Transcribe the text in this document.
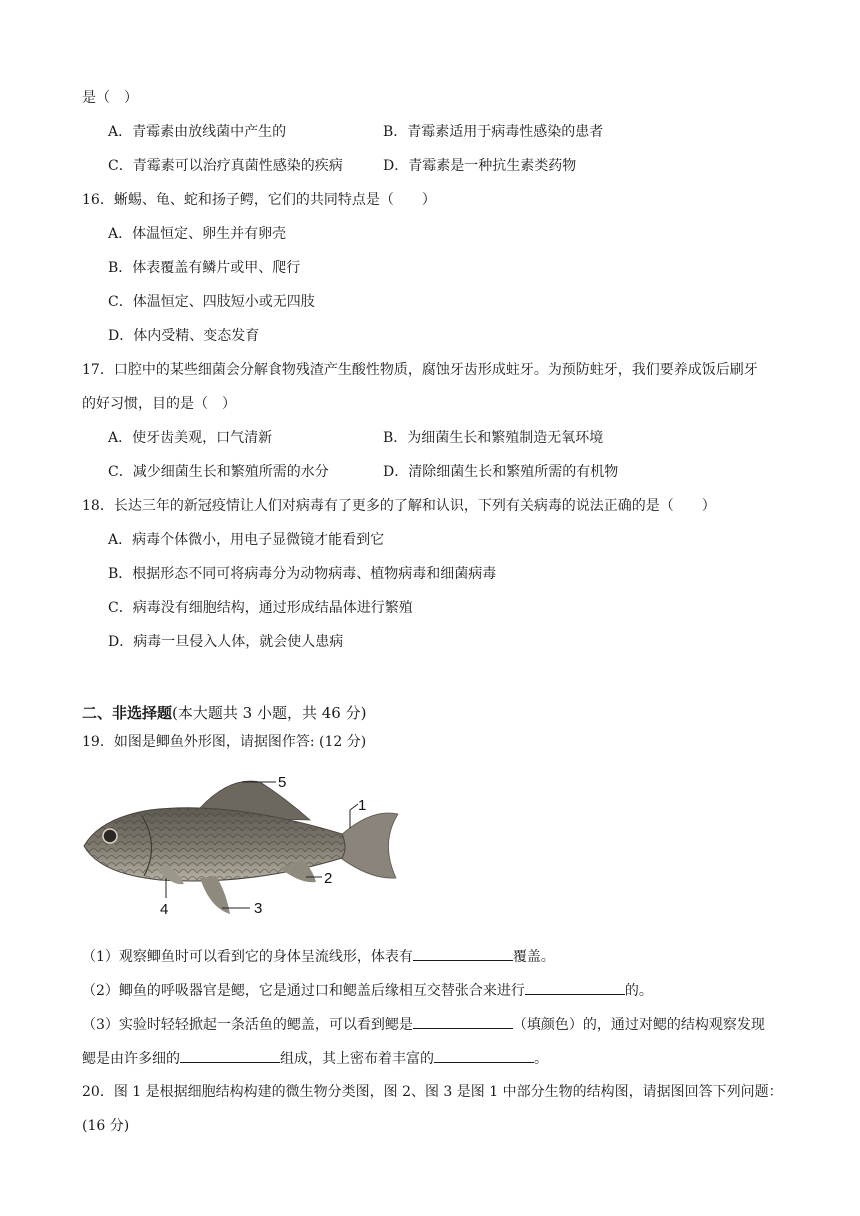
是（　）
A．青霉素由放线菌中产生的	B．青霉素适用于病毒性感染的患者
C．青霉素可以治疗真菌性感染的疾病	D．青霉素是一种抗生素类药物
16．蜥蜴、龟、蛇和扬子鳄，它们的共同特点是（　　）
A．体温恒定、卵生并有卵壳
B．体表覆盖有鳞片或甲、爬行
C．体温恒定、四肢短小或无四肢
D．体内受精、变态发育
17．口腔中的某些细菌会分解食物残渣产生酸性物质，腐蚀牙齿形成蛀牙。为预防蛀牙，我们要养成饭后刷牙
的好习惯，目的是（　）
A．使牙齿美观，口气清新	B．为细菌生长和繁殖制造无氧环境
C．减少细菌生长和繁殖所需的水分	D．清除细菌生长和繁殖所需的有机物
18．长达三年的新冠疫情让人们对病毒有了更多的了解和认识，下列有关病毒的说法正确的是（　　）
A．病毒个体微小，用电子显微镜才能看到它
B．根据形态不同可将病毒分为动物病毒、植物病毒和细菌病毒
C．病毒没有细胞结构，通过形成结晶体进行繁殖
D．病毒一旦侵入人体，就会使人患病
二、非选择题(本大题共 3 小题，共 46 分)
19．如图是鲫鱼外形图，请据图作答: (12 分)
5
1
2
3
4
（1）观察鲫鱼时可以看到它的身体呈流线形，体表有	覆盖。
（2）鲫鱼的呼吸器官是鳃，它是通过口和鳃盖后缘相互交替张合来进行	的。
（3）实验时轻轻掀起一条活鱼的鳃盖，可以看到鳃是	（填颜色）的，通过对鳃的结构观察发现
鳃是由许多细的	组成，其上密布着丰富的	。
20．图 1 是根据细胞结构构建的微生物分类图，图 2、图 3 是图 1 中部分生物的结构图，请据图回答下列问题：
(16 分)
